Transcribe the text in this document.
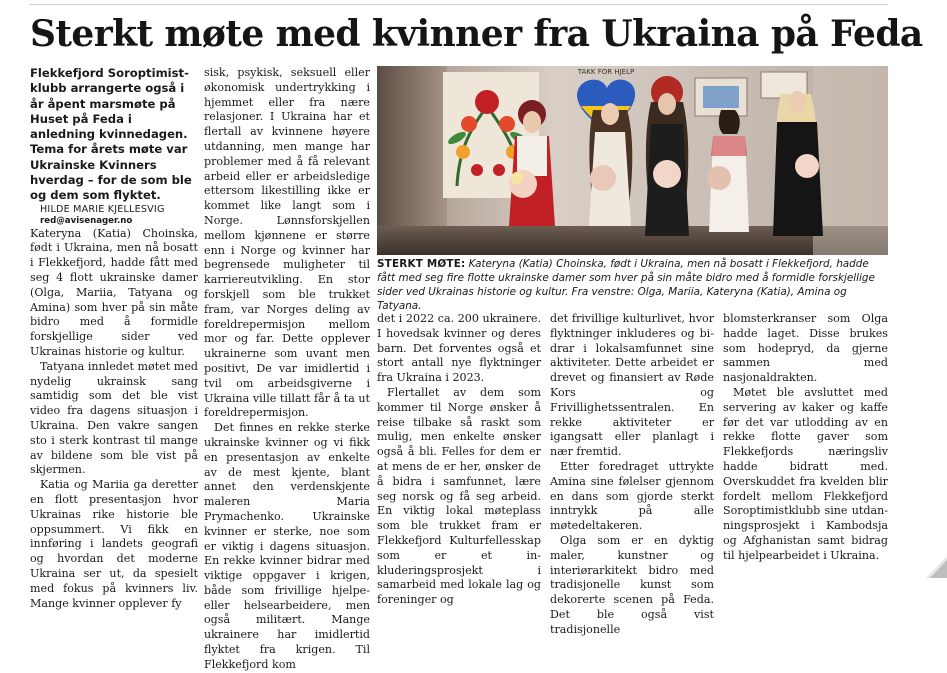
Sterkt møte med kvinner fra Ukraina på Feda

Flekkefjord Soroptimistklubb arrangerte også i år åpent marsmøte på Huset på Feda i anledning kvinnedagen. Tema for årets møte var Ukrainske Kvinners hverdag – for de som ble og dem som flyktet.

HILDE MARIE KJELLESVIG

red@avisenager.no

Kateryna (Katia) Choinska, født i Ukraina, men nå bosatt i Flekkefjord, hadde fått med seg 4 flott ukrainske damer (Olga, Mariia, Tatyana og Amina) som hver på sin måte bidro med å formidle forskjellige sider ved Ukrainas historie og kultur.

Tatyana innledet møtet med nydelig ukrainsk sang samtidig som det ble vist video fra dagens situasjon i Ukraina. Den vakre sangen sto i sterk kontrast til mange av bildene som ble vist på skjermen.

Katia og Mariia ga deretter en flott presentasjon hvor Ukrainas rike historie ble oppsummert. Vi fikk en innføring i landets geografi og hvordan det moderne Ukraina ser ut, da spesielt med fokus på kvinners liv. Mange kvinner opplever fy

sisk, psykisk, seksuell eller økonomisk undertrykking i hjemmet eller fra nære relasjoner. I Ukraina har et flertall av kvinnene høyere utdanning, men mange har problemer med å få relevant arbeid eller er arbeidsledige ettersom likestilling ikke er kommet like langt som i Norge. Lønnsforskjellen mellom kjønnene er større enn i Norge og kvinner har begrensede muligheter til karriereutvikling. En stor forskjell som ble trukket fram, var Norges deling av foreldrepermisjon mellom mor og far. Dette opplever ukrainerne som uvant men positivt, De var imidlertid i tvil om arbeidsgiverne i Ukraina ville tillatt får å ta ut foreldrepermisjon.

Det finnes en rekke sterke ukrainske kvinner og vi fikk en presentasjon av enkelte av de mest kjente, blant annet den verdenskjente maleren Maria Prymachenko. Ukrainske kvinner er sterke, noe som er viktig i dagens situasjon. En rekke kvinner bidrar med viktige oppgaver i krigen, både som frivillige hjelpe- eller helsearbeidere, men også militært. Mange ukrainere har imidlertid flyktet fra krigen. Til Flekkefjord kom

TAKK FOR HJELP
STERKT MØTE: Kateryna (Katia) Choinska, født i Ukraina, men nå bosatt i Flekkefjord, hadde fått med seg fire flotte ukrainske damer som hver på sin måte bidro med å formidle forskjellige sider ved Ukrainas historie og kultur. Fra venstre: Olga, Mariia, Kateryna (Katia), Amina og Tatyana.

det i 2022 ca. 200 ukrainere. I hovedsak kvinner og deres barn. Det forventes også et stort antall nye flyktninger fra Ukraina i 2023.

Flertallet av dem som kommer til Norge ønsker å reise tilbake så raskt som mulig, men enkelte ønsker også å bli. Felles for dem er at mens de er her, ønsker de å bidra i samfunnet, lære seg norsk og få seg arbeid. En viktig lokal møteplass som ble trukket fram er Flekkefjord Kulturfellesskap som er et inkluderingsprosjekt i samarbeid med lokale lag og foreninger og

det frivillige kulturlivet, hvor flyktninger inkluderes og bidrar i lokalsamfunnet sine aktiviteter. Dette arbeidet er drevet og finansiert av Røde Kors og Frivillighetssentralen. En rekke aktiviteter er igangsatt eller planlagt i nær fremtid.

Etter foredraget uttrykte Amina sine følelser gjennom en dans som gjorde sterkt inntrykk på alle møtedeltakeren.

Olga som er en dyktig maler, kunstner og interiørarkitekt bidro med tradisjonelle kunst som dekorerte scenen på Feda. Det ble også vist tradisjonelle

blomsterkranser som Olga hadde laget. Disse brukes som hodepryd, da gjerne sammen med nasjonaldrakten.

Møtet ble avsluttet med servering av kaker og kaffe før det var utlodding av en rekke flotte gaver som Flekkefjords næringsliv hadde bidratt med. Overskuddet fra kvelden blir fordelt mellom Flekkefjord Soroptimistklubb sine utdanningsprosjekt i Kambodsja og Afghanistan samt bidrag til hjelpearbeidet i Ukraina.
